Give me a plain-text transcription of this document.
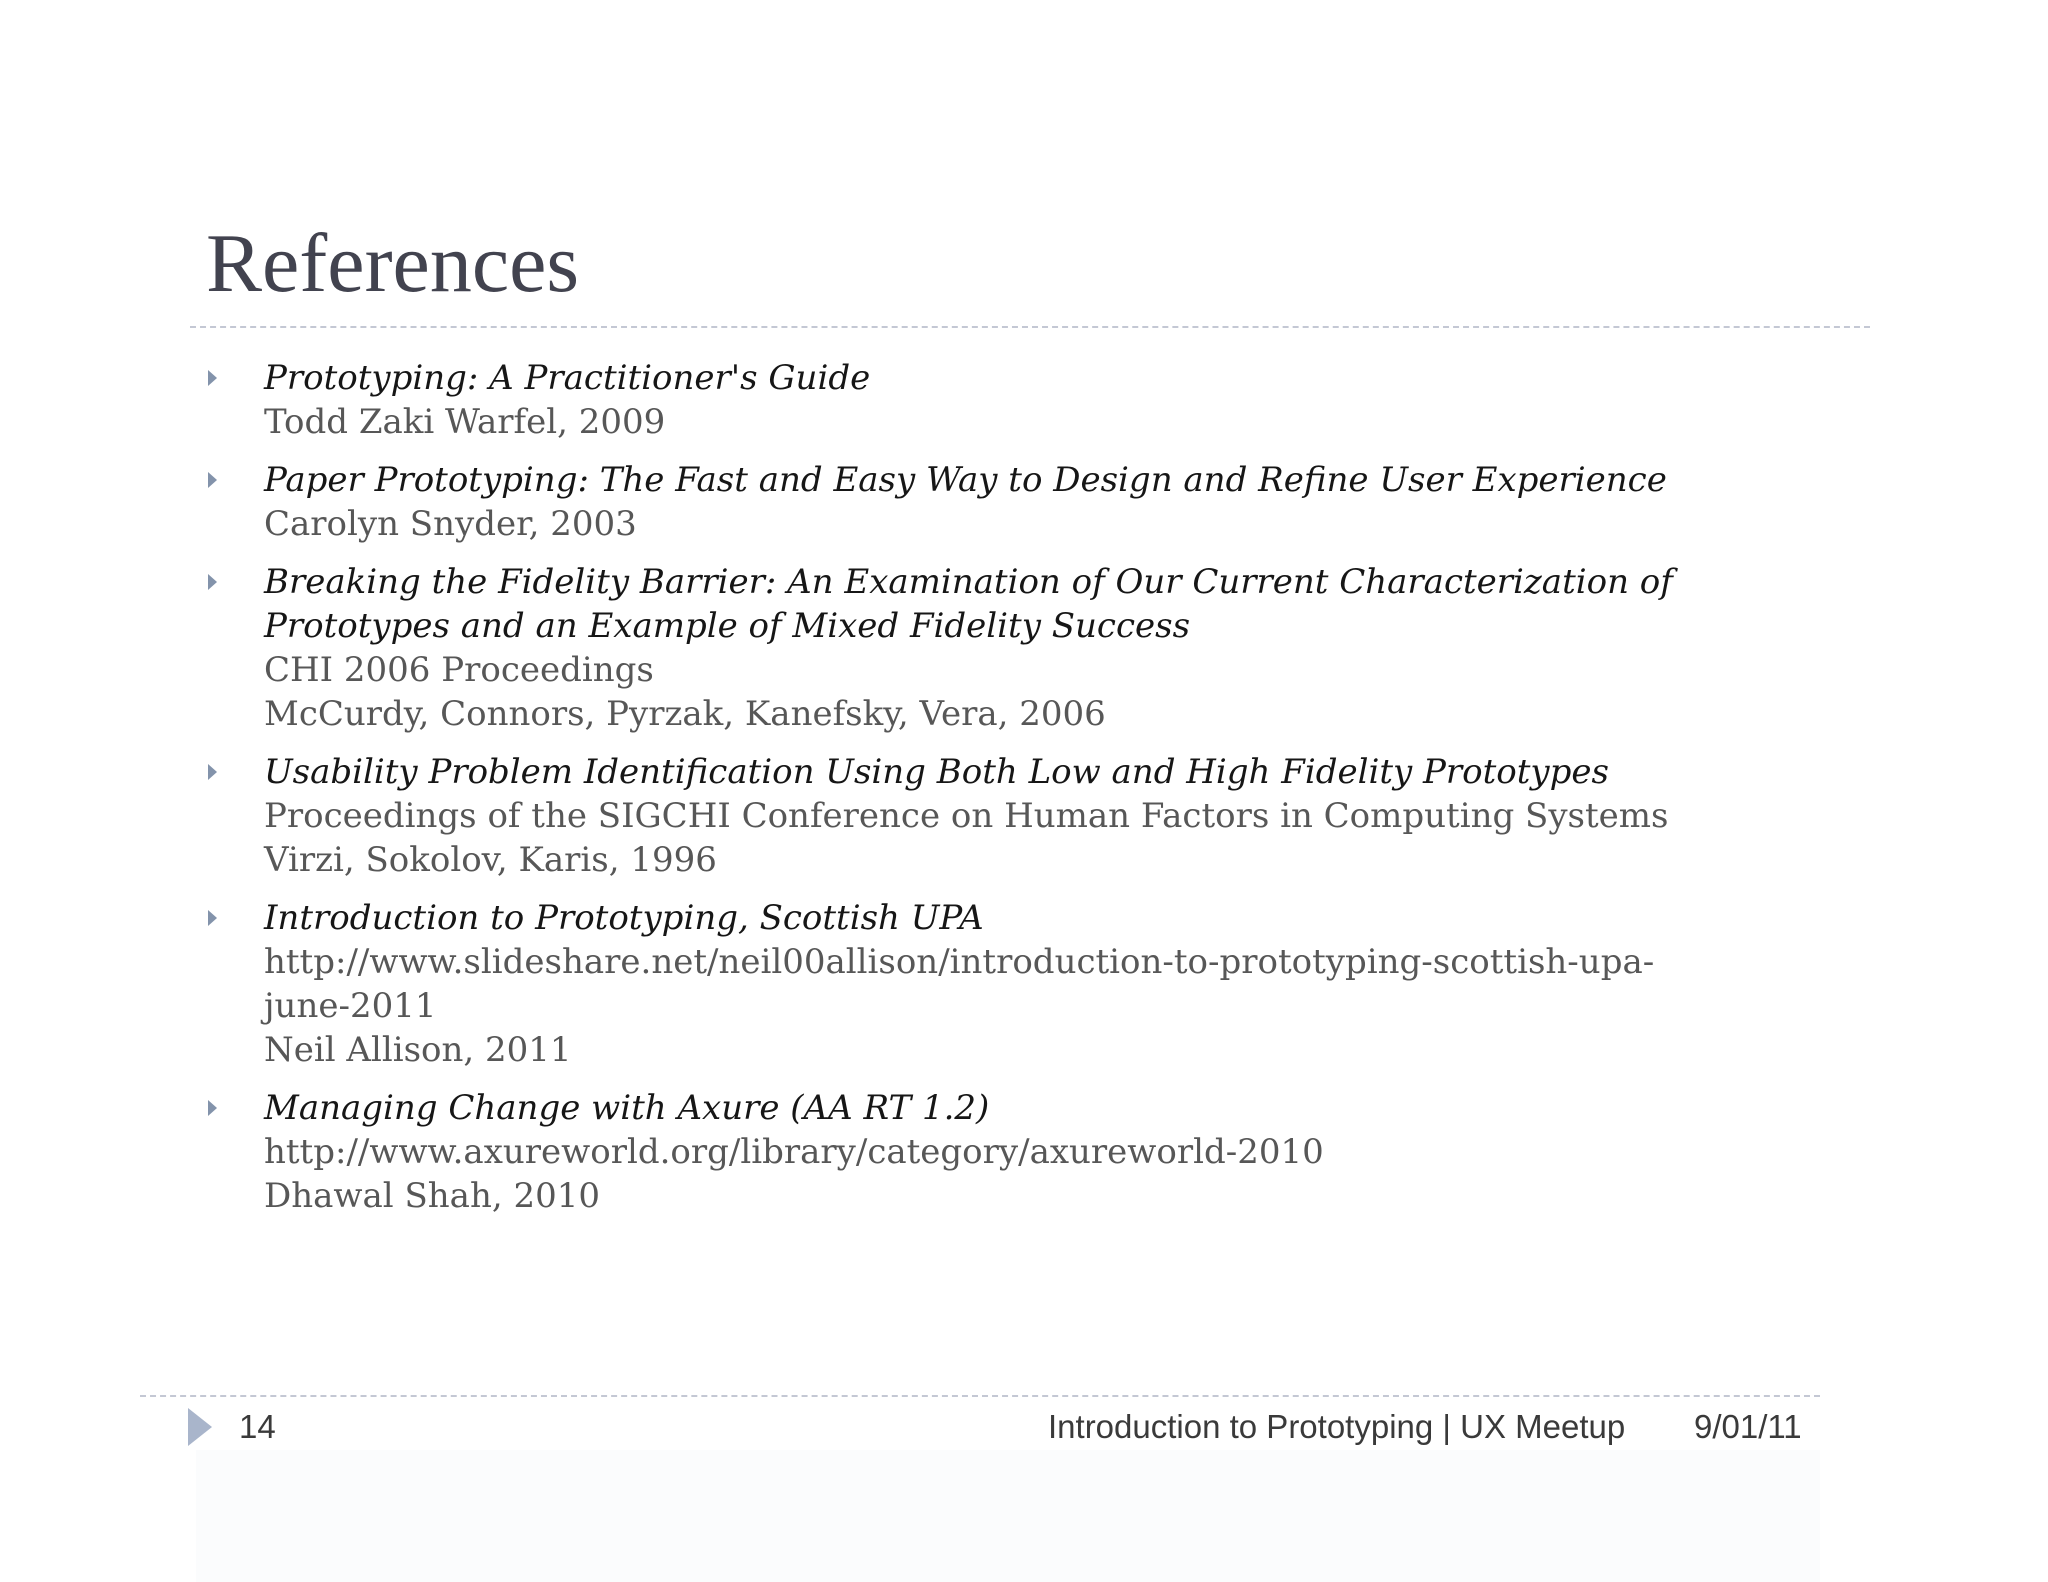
References
Prototyping: A Practitioner's Guide
Todd Zaki Warfel, 2009
Paper Prototyping: The Fast and Easy Way to Design and Refine User Experience
Carolyn Snyder, 2003
Breaking the Fidelity Barrier: An Examination of Our Current Characterization of
Prototypes and an Example of Mixed Fidelity Success
CHI 2006 Proceedings
McCurdy, Connors, Pyrzak, Kanefsky, Vera, 2006
Usability Problem Identification Using Both Low and High Fidelity Prototypes
Proceedings of the SIGCHI Conference on Human Factors in Computing Systems
Virzi, Sokolov, Karis, 1996
Introduction to Prototyping, Scottish UPA
http://www.slideshare.net/neil00allison/introduction-to-prototyping-scottish-upa-
june-2011
Neil Allison, 2011
Managing Change with Axure (AA RT 1.2)
http://www.axureworld.org/library/category/axureworld-2010
Dhawal Shah, 2010
14	Introduction to Prototyping | UX Meetup 9/01/11
